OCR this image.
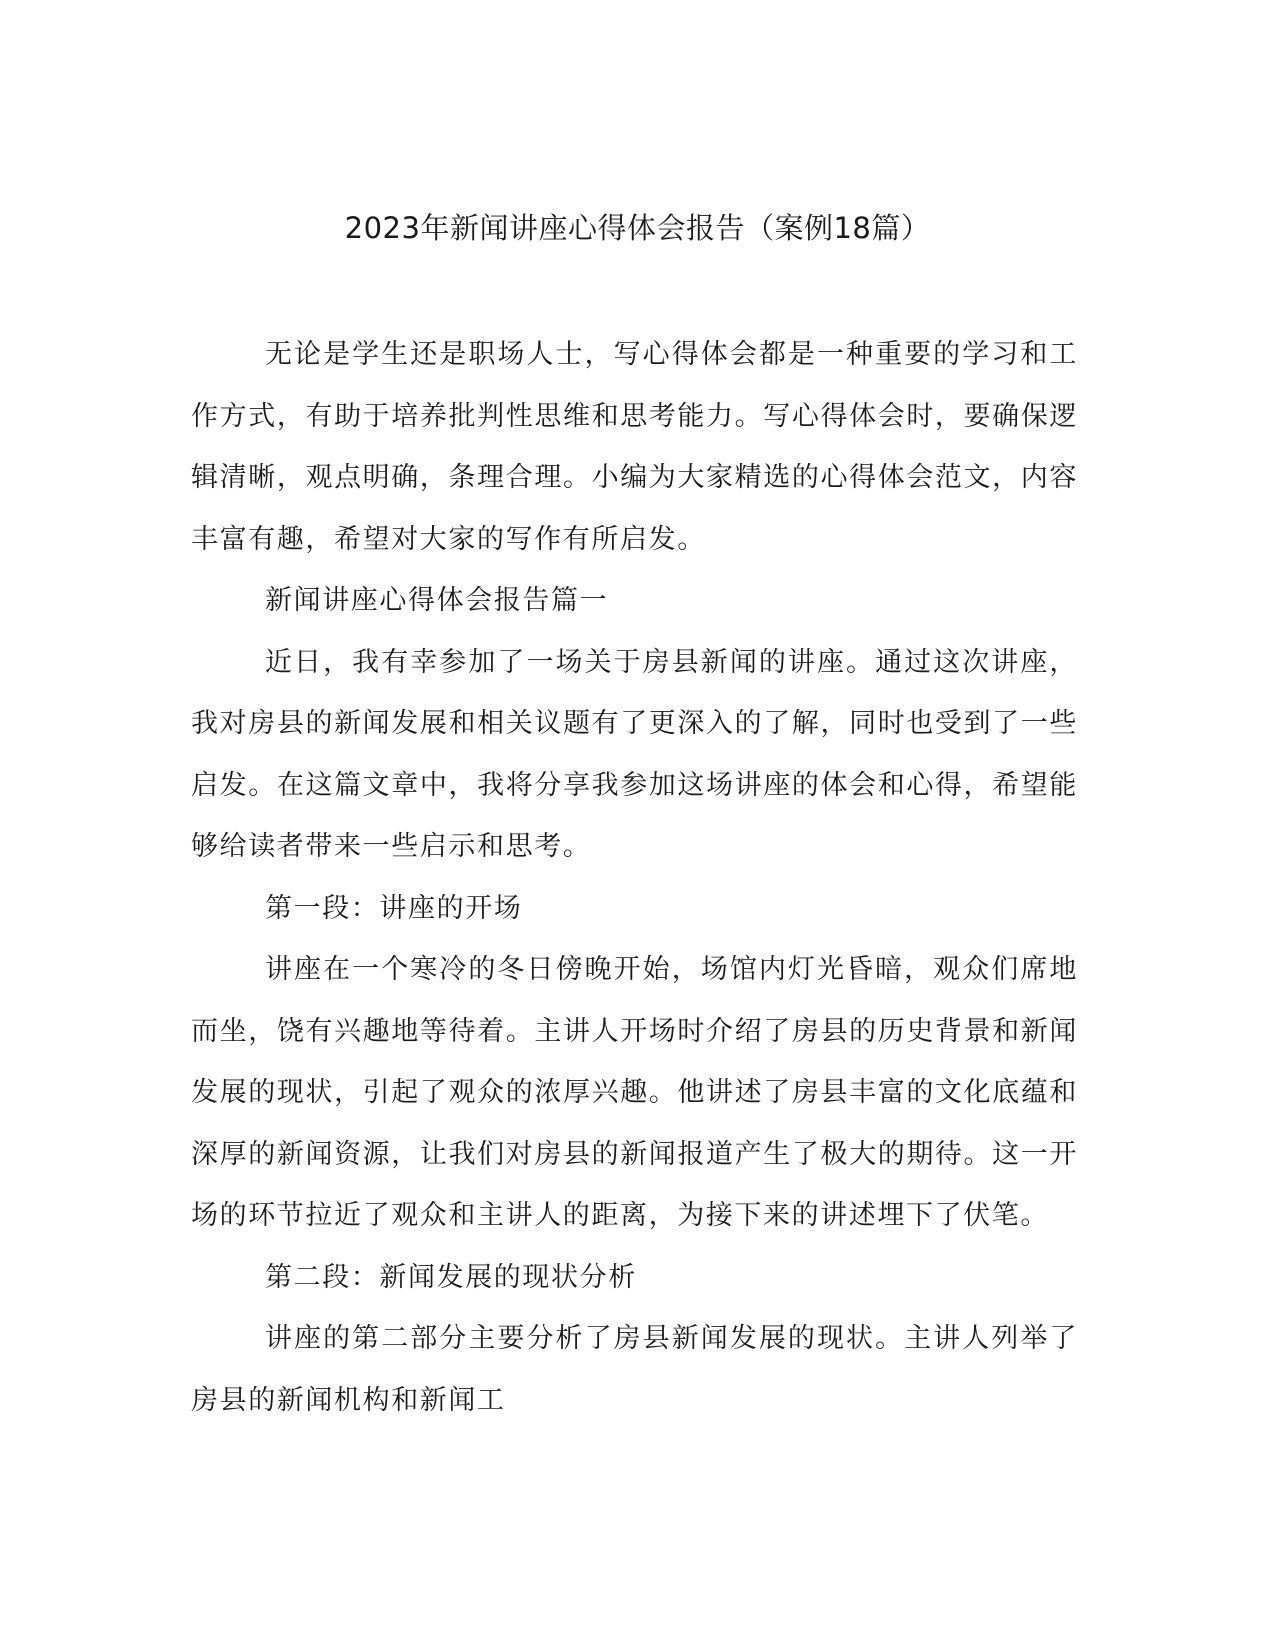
2023年新闻讲座心得体会报告（案例18篇）

无论是学生还是职场人士，写心得体会都是一种重要的学习和工作方式，有助于培养批判性思维和思考能力。写心得体会时，要确保逻辑清晰，观点明确，条理合理。小编为大家精选的心得体会范文，内容丰富有趣，希望对大家的写作有所启发。

新闻讲座心得体会报告篇一

近日，我有幸参加了一场关于房县新闻的讲座。通过这次讲座，我对房县的新闻发展和相关议题有了更深入的了解，同时也受到了一些启发。在这篇文章中，我将分享我参加这场讲座的体会和心得，希望能够给读者带来一些启示和思考。

第一段：讲座的开场

讲座在一个寒冷的冬日傍晚开始，场馆内灯光昏暗，观众们席地而坐，饶有兴趣地等待着。主讲人开场时介绍了房县的历史背景和新闻发展的现状，引起了观众的浓厚兴趣。他讲述了房县丰富的文化底蕴和深厚的新闻资源，让我们对房县的新闻报道产生了极大的期待。这一开场的环节拉近了观众和主讲人的距离，为接下来的讲述埋下了伏笔。

第二段：新闻发展的现状分析

讲座的第二部分主要分析了房县新闻发展的现状。主讲人列举了房县的新闻机构和新闻工
